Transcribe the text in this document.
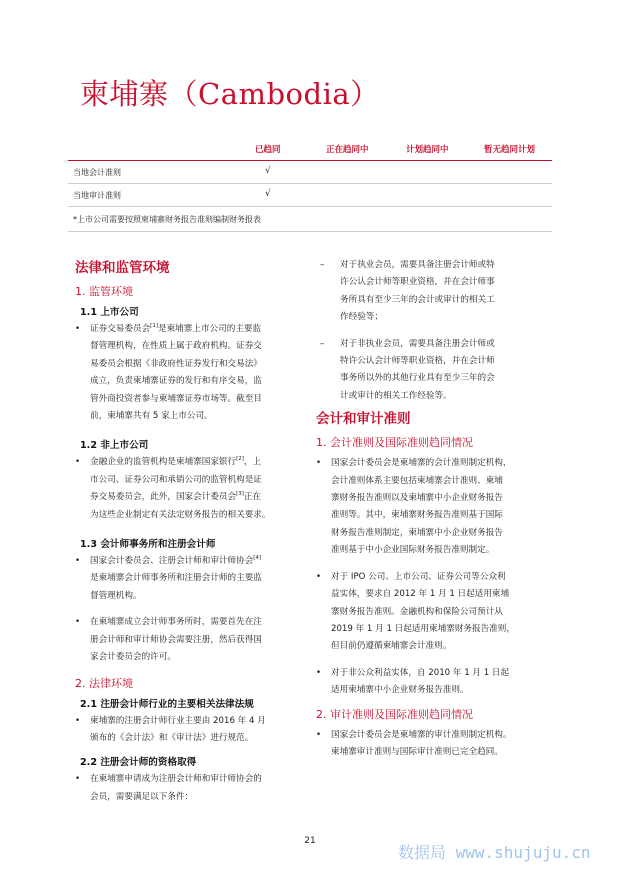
柬埔寨（Cambodia）
已趋同	正在趋同中	计划趋同中	暂无趋同计划
当地会计准则	√
当地审计准则	√
*上市公司需要按照柬埔寨财务报告准则编制财务报表
法律和监管环境
1. 监管环境
1.1 上市公司
• 证券交易委员会[1]是柬埔寨上市公司的主要监
督管理机构，在性质上属于政府机构。证券交
易委员会根据《非政府性证券发行和交易法》
成立，负责柬埔寨证券的发行和有序交易，监
管外商投资者参与柬埔寨证券市场等。截至目
前，柬埔寨共有 5 家上市公司。
1.2 非上市公司
• 金融企业的监管机构是柬埔寨国家银行[2]，上
市公司、证券公司和承销公司的监管机构是证
券交易委员会，此外，国家会计委员会[3]正在
为这些企业制定有关法定财务报告的相关要求。
1.3 会计师事务所和注册会计师
• 国家会计委员会、注册会计师和审计师协会[4]
是柬埔寨会计师事务所和注册会计师的主要监
督管理机构。
• 在柬埔寨成立会计师事务所时，需要首先在注
册会计师和审计师协会需要注册，然后获得国
家会计委员会的许可。
2. 法律环境
2.1 注册会计师行业的主要相关法律法规
• 柬埔寨的注册会计师行业主要由 2016 年 4 月
颁布的《会计法》和《审计法》进行规范。
2.2 注册会计师的资格取得
• 在柬埔寨申请成为注册会计师和审计师协会的
会员，需要满足以下条件：
– 对于执业会员，需要具备注册会计师或特
许公认会计师等职业资格，并在会计师事
务所具有至少三年的会计或审计的相关工
作经验等；
– 对于非执业会员，需要具备注册会计师或
特许公认会计师等职业资格，并在会计师
事务所以外的其他行业具有至少三年的会
计或审计的相关工作经验等。
会计和审计准则
1. 会计准则及国际准则趋同情况
• 国家会计委员会是柬埔寨的会计准则制定机构，
会计准则体系主要包括柬埔寨会计准则、柬埔
寨财务报告准则以及柬埔寨中小企业财务报告
准则等。其中，柬埔寨财务报告准则基于国际
财务报告准则制定，柬埔寨中小企业财务报告
准则基于中小企业国际财务报告准则制定。
• 对于 IPO 公司、上市公司、证券公司等公众利
益实体，要求自 2012 年 1 月 1 日起适用柬埔
寨财务报告准则。金融机构和保险公司预计从
2019 年 1 月 1 日起适用柬埔寨财务报告准则，
但目前仍遵循柬埔寨会计准则。
• 对于非公众利益实体，自 2010 年 1 月 1 日起
适用柬埔寨中小企业财务报告准则。
2. 审计准则及国际准则趋同情况
• 国家会计委员会是柬埔寨的审计准则制定机构。
柬埔寨审计准则与国际审计准则已完全趋同。
21
数据局 www.shujuju.cn
